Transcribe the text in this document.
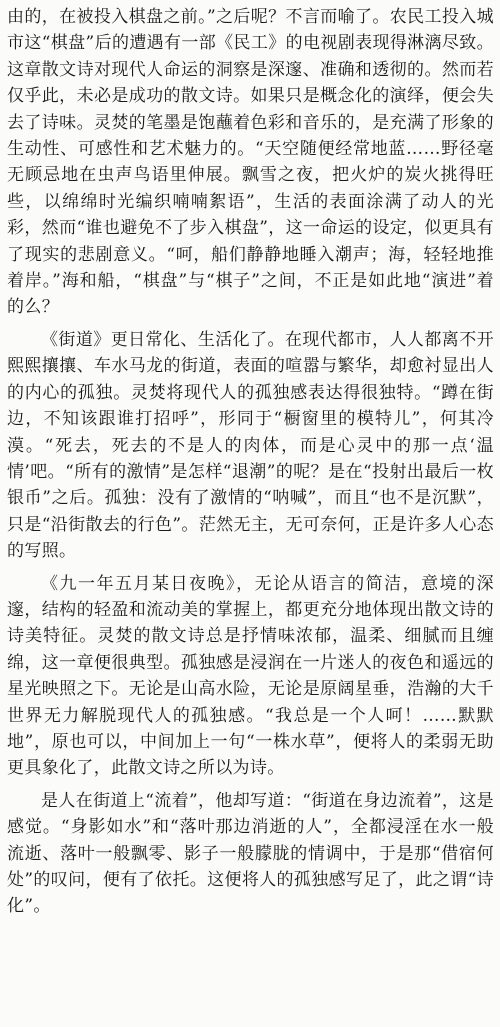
由的，在被投入棋盘之前。”之后呢？不言而喻了。农民工投入城市这“棋盘”后的遭遇有一部《民工》的电视剧表现得淋漓尽致。这章散文诗对现代人命运的洞察是深邃、准确和透彻的。然而若仅乎此，未必是成功的散文诗。如果只是概念化的演绎，便会失去了诗味。灵焚的笔墨是饱蘸着色彩和音乐的，是充满了形象的生动性、可感性和艺术魅力的。“天空随便经常地蓝……野径毫无顾忌地在虫声鸟语里伸展。飘雪之夜，把火炉的炭火挑得旺些，以绵绵时光编织喃喃絮语”，生活的表面涂满了动人的光彩，然而“谁也避免不了步入棋盘”，这一命运的设定，似更具有了现实的悲剧意义。“呵，船们静静地睡入潮声；海，轻轻地推着岸。”海和船，“棋盘”与“棋子”之间，不正是如此地“演进”着的么？

《街道》更日常化、生活化了。在现代都市，人人都离不开熙熙攘攘、车水马龙的街道，表面的喧嚣与繁华，却愈衬显出人的内心的孤独。灵焚将现代人的孤独感表达得很独特。“蹲在街边，不知该跟谁打招呼”，形同于“橱窗里的模特儿”，何其冷漠。“死去，死去的不是人的肉体，而是心灵中的那一点‘温情’吧。“所有的激情”是怎样“退潮”的呢？是在“投射出最后一枚银币”之后。孤独：没有了激情的“呐喊”，而且“也不是沉默”，只是“沿街散去的行色”。茫然无主，无可奈何，正是许多人心态的写照。

《九一年五月某日夜晚》，无论从语言的简洁，意境的深邃，结构的轻盈和流动美的掌握上，都更充分地体现出散文诗的诗美特征。灵焚的散文诗总是抒情味浓郁，温柔、细腻而且缠绵，这一章便很典型。孤独感是浸润在一片迷人的夜色和遥远的星光映照之下。无论是山高水险，无论是原阔星垂，浩瀚的大千世界无力解脱现代人的孤独感。“我总是一个人呵！……默默地”，原也可以，中间加上一句“一株水草”，便将人的柔弱无助更具象化了，此散文诗之所以为诗。

是人在街道上“流着”，他却写道：“街道在身边流着”，这是感觉。“身影如水”和“落叶那边消逝的人”，全都浸淫在水一般流逝、落叶一般飘零、影子一般朦胧的情调中，于是那“借宿何处”的叹问，便有了依托。这便将人的孤独感写足了，此之谓“诗化”。
